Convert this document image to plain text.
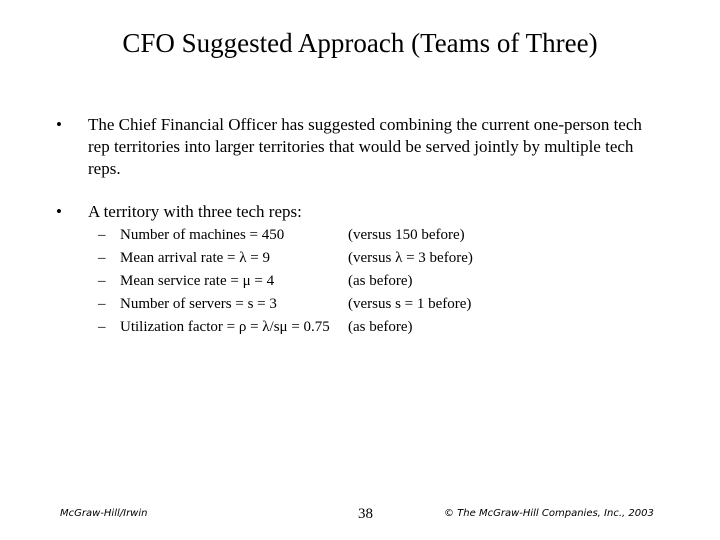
CFO Suggested Approach (Teams of Three)
• The Chief Financial Officer has suggested combining the current one-person tech rep territories into larger territories that would be served jointly by multiple tech reps.
• A territory with three tech reps:
– Number of machines = 450	(versus 150 before)
– Mean arrival rate = λ = 9	(versus λ = 3 before)
– Mean service rate = μ = 4	(as before)
– Number of servers = s = 3	(versus s = 1 before)
– Utilization factor = ρ = λ/sμ = 0.75 (as before)
McGraw-Hill/Irwin	38	© The McGraw-Hill Companies, Inc., 2003
